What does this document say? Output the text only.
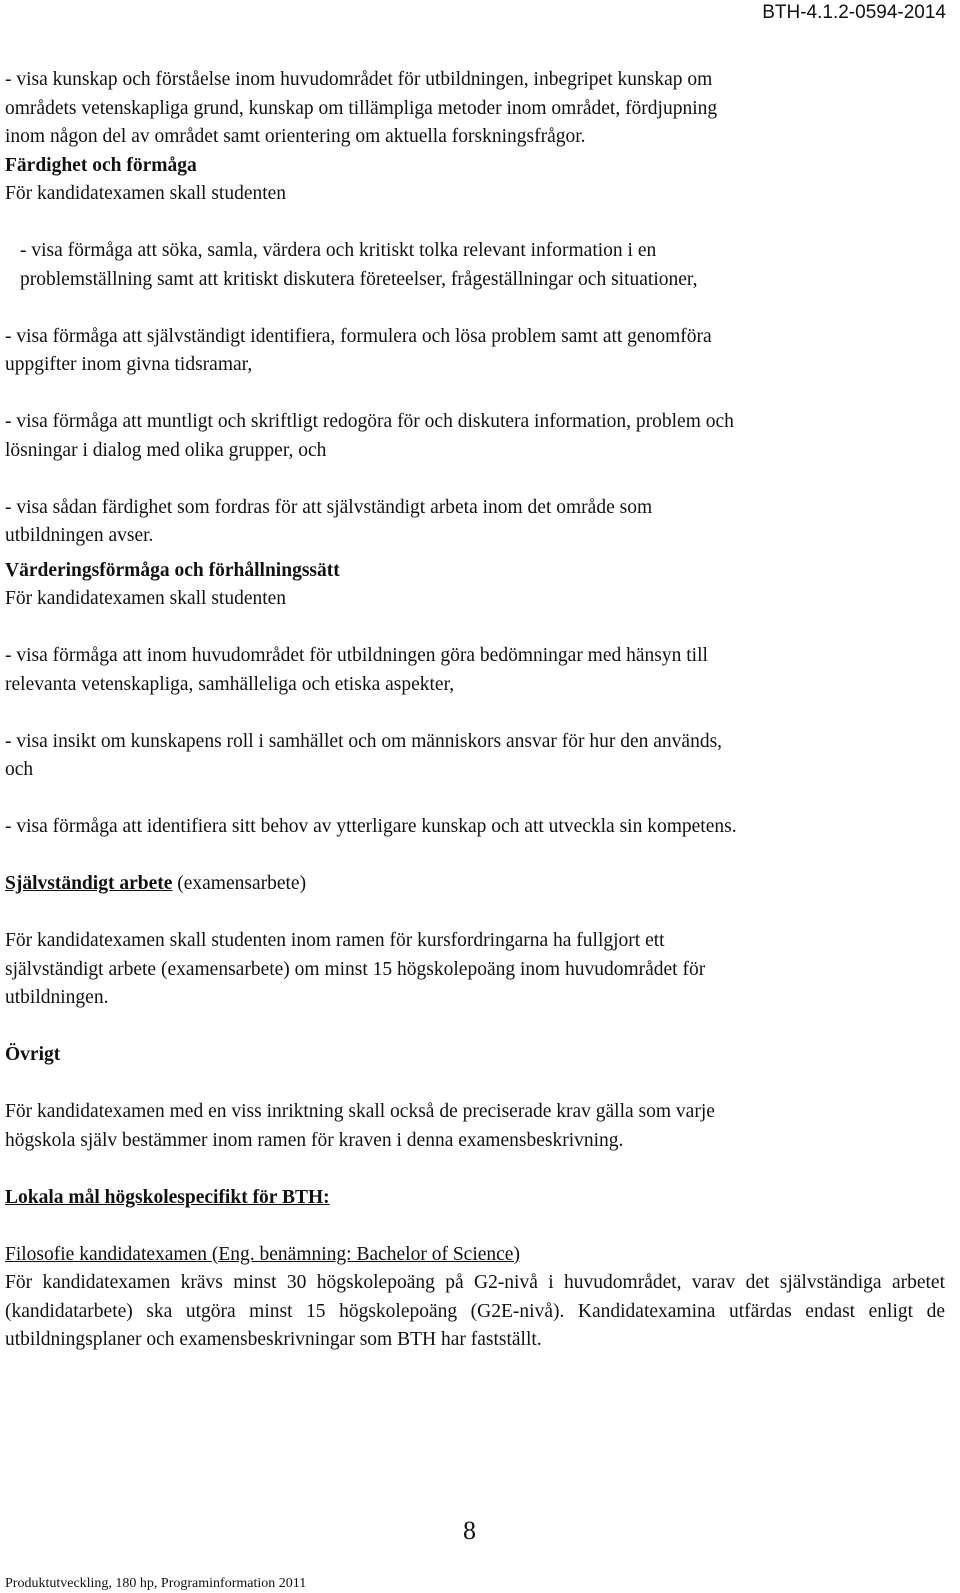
BTH-4.1.2-0594-2014

- visa kunskap och förståelse inom huvudområdet för utbildningen, inbegripet kunskap om

områdets vetenskapliga grund, kunskap om tillämpliga metoder inom området, fördjupning

inom någon del av området samt orientering om aktuella forskningsfrågor.

Färdighet och förmåga

För kandidatexamen skall studenten

- visa förmåga att söka, samla, värdera och kritiskt tolka relevant information i en
problemställning samt att kritiskt diskutera företeelser, frågeställningar och situationer,
- visa förmåga att självständigt identifiera, formulera och lösa problem samt att genomföra
uppgifter inom givna tidsramar,
- visa förmåga att muntligt och skriftligt redogöra för och diskutera information, problem och
lösningar i dialog med olika grupper, och
- visa sådan färdighet som fordras för att självständigt arbeta inom det område som
utbildningen avser.

Värderingsförmåga och förhållningssätt

För kandidatexamen skall studenten

- visa förmåga att inom huvudområdet för utbildningen göra bedömningar med hänsyn till
relevanta vetenskapliga, samhälleliga och etiska aspekter,
- visa insikt om kunskapens roll i samhället och om människors ansvar för hur den används,
och
- visa förmåga att identifiera sitt behov av ytterligare kunskap och att utveckla sin kompetens.

Självständigt arbete (examensarbete)

För kandidatexamen skall studenten inom ramen för kursfordringarna ha fullgjort ett

självständigt arbete (examensarbete) om minst 15 högskolepoäng inom huvudområdet för

utbildningen.

Övrigt

För kandidatexamen med en viss inriktning skall också de preciserade krav gälla som varje

högskola själv bestämmer inom ramen för kraven i denna examensbeskrivning.

Lokala mål högskolespecifikt för BTH:

Filosofie kandidatexamen (Eng. benämning: Bachelor of Science)

För kandidatexamen krävs minst 30 högskolepoäng på G2-nivå i huvudområdet, varav det självständiga arbetet (kandidatarbete) ska utgöra minst 15 högskolepoäng (G2E-nivå). Kandidatexamina utfärdas endast enligt de utbildningsplaner och examensbeskrivningar som BTH har fastställt.

8
Produktutveckling, 180 hp, Programinformation 2011
